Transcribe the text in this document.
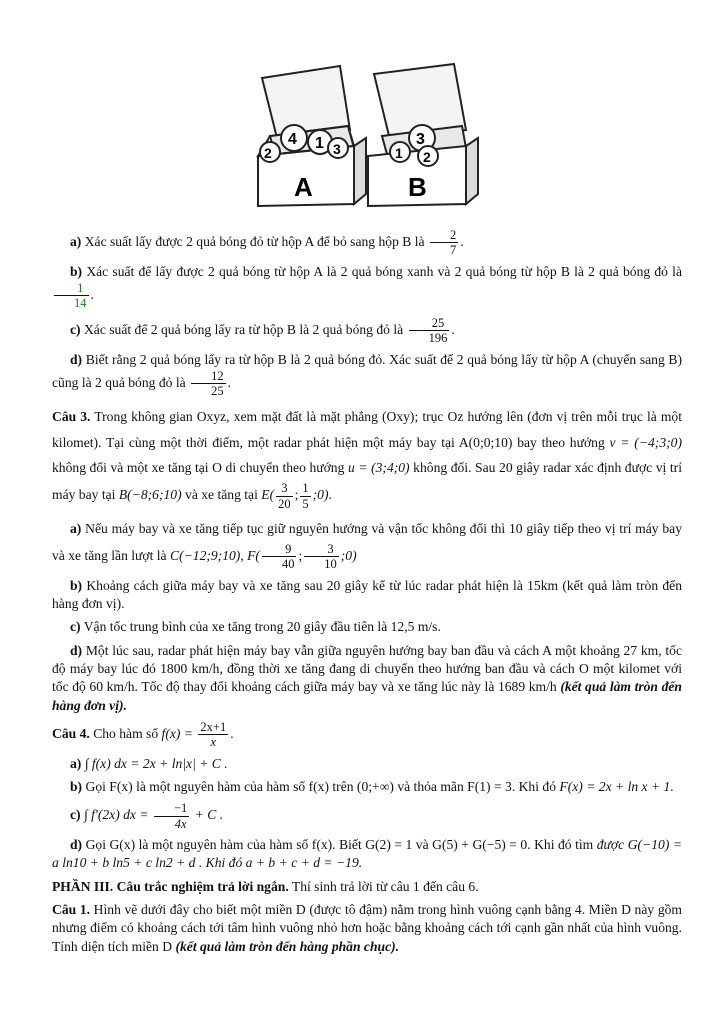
4 1 3
2
A
3
1 2
B

a) Xác suất lấy được 2 quả bóng đỏ từ hộp A để bỏ sang hộp B là $\frac{2}{7}$ .

b) Xác suất để lấy được 2 quả bóng từ hộp A là 2 quả bóng xanh và 2 quả bóng từ hộp B là 2 quả bóng đỏ là
$\frac{1}{14}$ .

c) Xác suất để 2 quả bóng lấy ra từ hộp B là 2 quả bóng đỏ là $\frac{25}{196}$ .

d) Biết rằng 2 quả bóng lấy ra từ hộp B là 2 quả bóng đỏ. Xác suất để 2 quả bóng lấy từ hộp A (chuyển sang B) cũng là 2 quả bóng đỏ là $\frac{12}{25}$ .

Câu 3. Trong không gian Oxyz, xem mặt đất là mặt phẳng (Oxy); trục Oz hướng lên (đơn vị trên mỗi trục là một kilomet). Tại cùng một thời điểm, một radar phát hiện một máy bay tại A(0;0;10) bay theo hướng v = (−4;3;0) không đổi và một xe tăng tại O di chuyển theo hướng u = (3;4;0) không đổi. Sau 20 giây radar xác định được vị trí máy bay tại B(−8;6;10) và xe tăng tại $E( \frac{3}{20}$ ; $\frac{1}{5}$ ;0).

a) Nếu máy bay và xe tăng tiếp tục giữ nguyên hướng và vận tốc không đổi thì 10 giây tiếp theo vị trí máy bay và xe tăng lần lượt là C(−12;9;10), $F( \frac{9}{40}$ ; $\frac{3}{10}$ ;0)

b) Khoảng cách giữa máy bay và xe tăng sau 20 giây kể từ lúc radar phát hiện là 15km (kết quả làm tròn đến hàng đơn vị).

c) Vận tốc trung bình của xe tăng trong 20 giây đầu tiên là 12,5 m/s.

d) Một lúc sau, radar phát hiện máy bay vẫn giữa nguyên hướng bay ban đầu và cách A một khoảng 27 km, tốc độ máy bay lúc đó 1800 km/h, đồng thời xe tăng đang di chuyển theo hướng ban đầu và cách O một kilomet với tốc độ 60 km/h. Tốc độ thay đổi khoảng cách giữa máy bay và xe tăng lúc này là 1689 km/h (kết quả làm tròn đến hàng đơn vị).

Câu 4. Cho hàm số $f(x) = \frac{2x+1}{x}$ .

a) ∫ f(x) dx = 2x + ln|x| + C .

b) Gọi F(x) là một nguyên hàm của hàm số f(x) trên (0;+∞) và thỏa mãn F(1) = 3. Khi đó F(x) = 2x + ln x + 1.

c) ∫ f′(2x) dx = $\frac{-1}{4x} + C$ .

d) Gọi G(x) là một nguyên hàm của hàm số f(x). Biết G(2) = 1 và G(5) + G(−5) = 0. Khi đó tìm được G(−10) = a ln10 + b ln5 + c ln2 + d . Khi đó a + b + c + d = −19.

PHẦN III. Câu trắc nghiệm trả lời ngắn. Thí sinh trả lời từ câu 1 đến câu 6.

Câu 1. Hình vẽ dưới đây cho biết một miền D (được tô đậm) nằm trong hình vuông cạnh bằng 4. Miền D này gồm nhưng điểm có khoảng cách tới tâm hình vuông nhỏ hơn hoặc bằng khoảng cách tới cạnh gần nhất của hình vuông. Tính diện tích miền D (kết quả làm tròn đến hàng phần chục).
